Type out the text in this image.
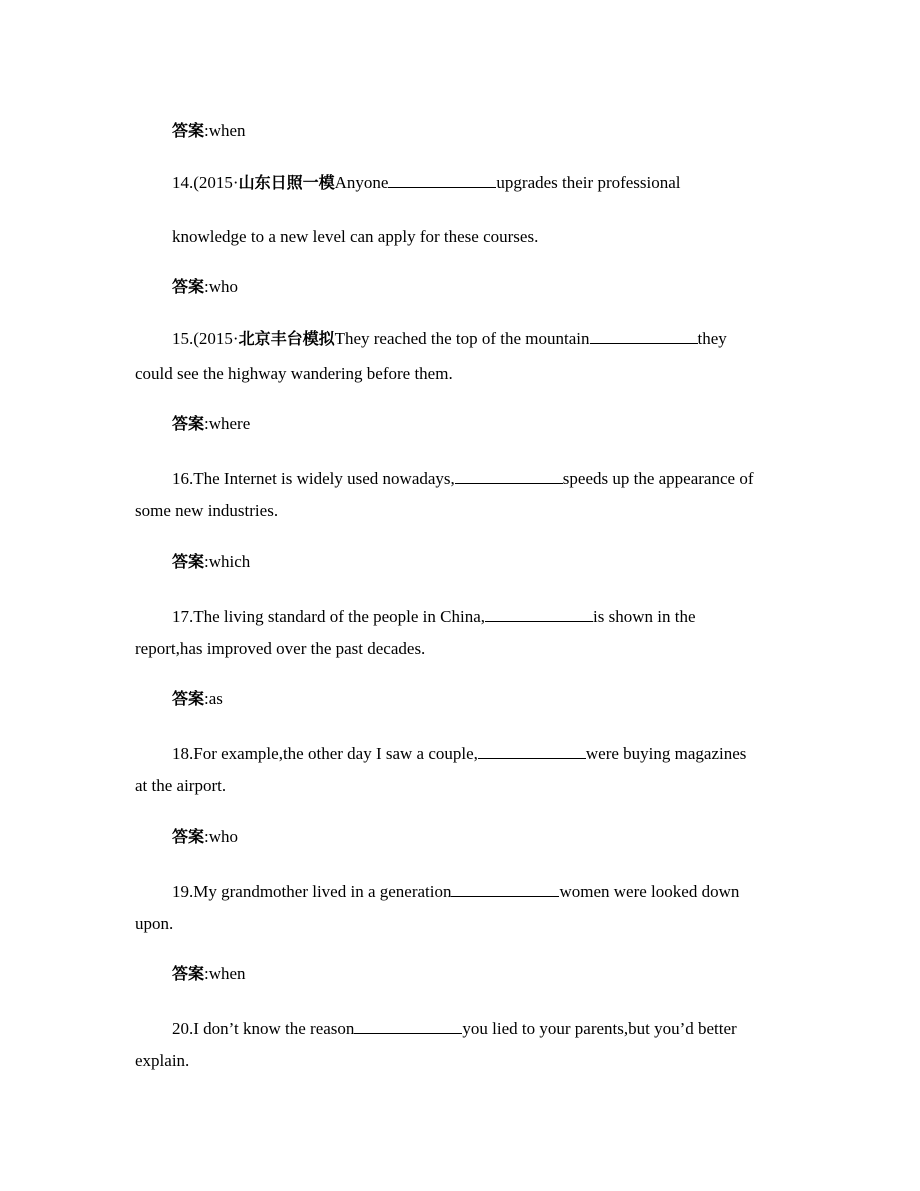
答案:when
14.(2015·山东日照一模Anyone	upgrades their professional
knowledge to a new level can apply for these courses.
答案:who
15.(2015·北京丰台模拟They reached the top of the mountain	they
could see the highway wandering before them.
答案:where
16.The Internet is widely used nowadays,	speeds up the appearance of
some new industries.
答案:which
17.The living standard of the people in China,	is shown in the
report,has improved over the past decades.
答案:as
18.For example,the other day I saw a couple,	were buying magazines
at the airport.
答案:who
19.My grandmother lived in a generation	women were looked down
upon.
答案:when
20.I don’t know the reason	you lied to your parents,but you’d better
explain.
